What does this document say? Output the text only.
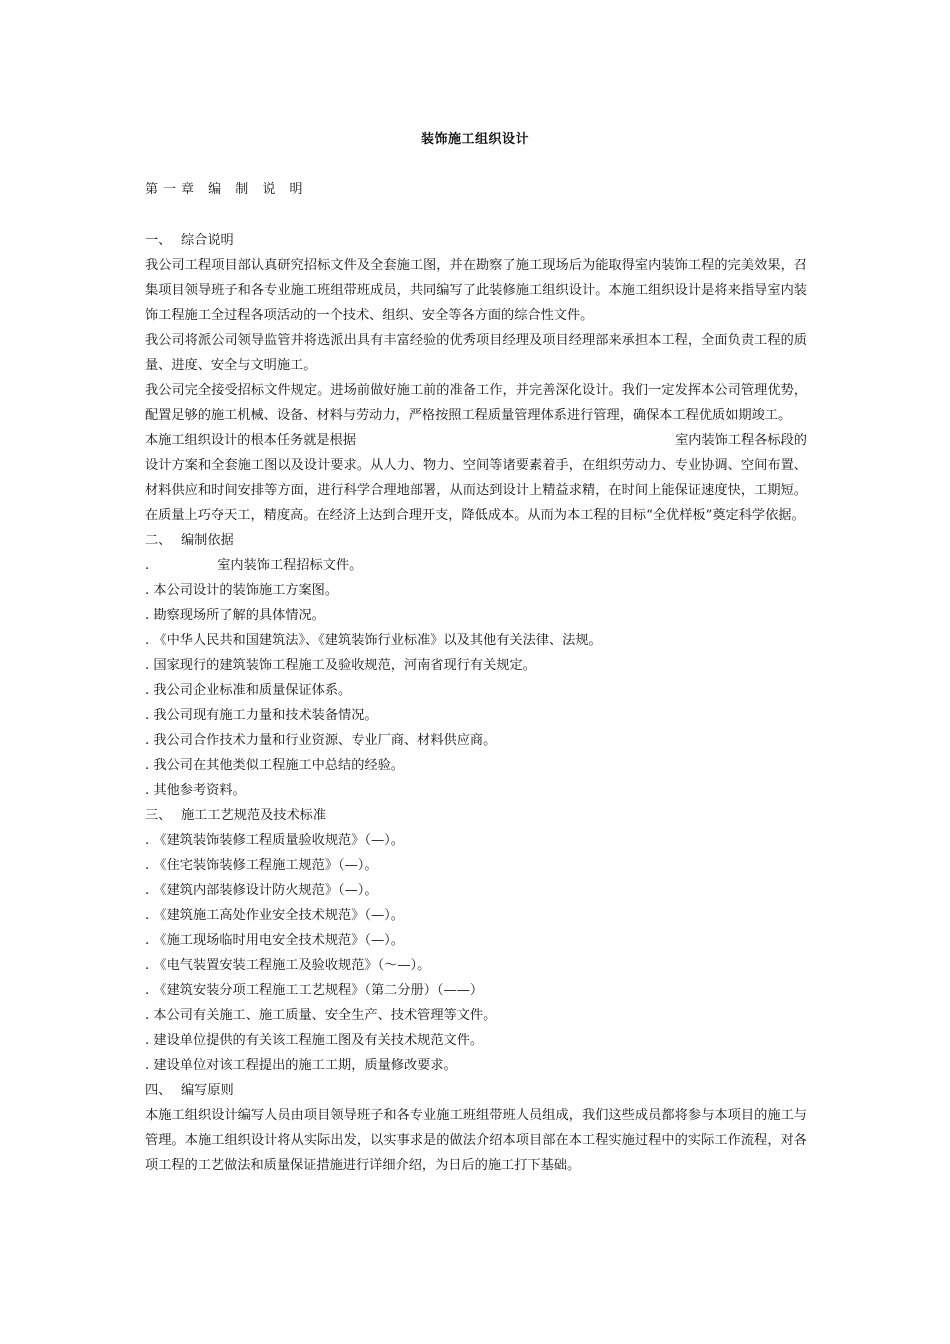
装饰施工组织设计
第一章 编 制 说 明
一、 综合说明

我公司工程项目部认真研究招标文件及全套施工图，并在勘察了施工现场后为能取得室内装饰工程的完美效果，召集项目领导班子和各专业施工班组带班成员，共同编写了此装修施工组织设计。本施工组织设计是将来指导室内装饰工程施工全过程各项活动的一个技术、组织、安全等各方面的综合性文件。

我公司将派公司领导监管并将选派出具有丰富经验的优秀项目经理及项目经理部来承担本工程，全面负责工程的质量、进度、安全与文明施工。

我公司完全接受招标文件规定。进场前做好施工前的准备工作，并完善深化设计。我们一定发挥本公司管理优势，配置足够的施工机械、设备、材料与劳动力，严格按照工程质量管理体系进行管理，确保本工程优质如期竣工。

本施工组织设计的根本任务就是根据	室内装饰工程各标段的

设计方案和全套施工图以及设计要求。从人力、物力、空间等诸要素着手，在组织劳动力、专业协调、空间布置、材料供应和时间安排等方面，进行科学合理地部署，从而达到设计上精益求精，在时间上能保证速度快，工期短。在质量上巧夺天工，精度高。在经济上达到合理开支，降低成本。从而为本工程的目标“全优样板”奠定科学依据。

二、 编制依据
.	室内装饰工程招标文件。
. 本公司设计的装饰施工方案图。
. 勘察现场所了解的具体情况。
. 《中华人民共和国建筑法》、《建筑装饰行业标准》以及其他有关法律、法规。
. 国家现行的建筑装饰工程施工及验收规范，河南省现行有关规定。
. 我公司企业标准和质量保证体系。
. 我公司现有施工力量和技术装备情况。
. 我公司合作技术力量和行业资源、专业厂商、材料供应商。
. 我公司在其他类似工程施工中总结的经验。
. 其他参考资料。
三、 施工工艺规范及技术标准
. 《建筑装饰装修工程质量验收规范》（—）。
. 《住宅装饰装修工程施工规范》（—）。
. 《建筑内部装修设计防火规范》（—）。
. 《建筑施工高处作业安全技术规范》（—）。
. 《施工现场临时用电安全技术规范》（—）。
. 《电气装置安装工程施工及验收规范》（～—）。
. 《建筑安装分项工程施工工艺规程》（第二分册）（——）
. 本公司有关施工、施工质量、安全生产、技术管理等文件。
. 建设单位提供的有关该工程施工图及有关技术规范文件。
. 建设单位对该工程提出的施工工期，质量修改要求。
四、 编写原则

本施工组织设计编写人员由项目领导班子和各专业施工班组带班人员组成，我们这些成员都将参与本项目的施工与管理。本施工组织设计将从实际出发，以实事求是的做法介绍本项目部在本工程实施过程中的实际工作流程，对各项工程的工艺做法和质量保证措施进行详细介绍，为日后的施工打下基础。
